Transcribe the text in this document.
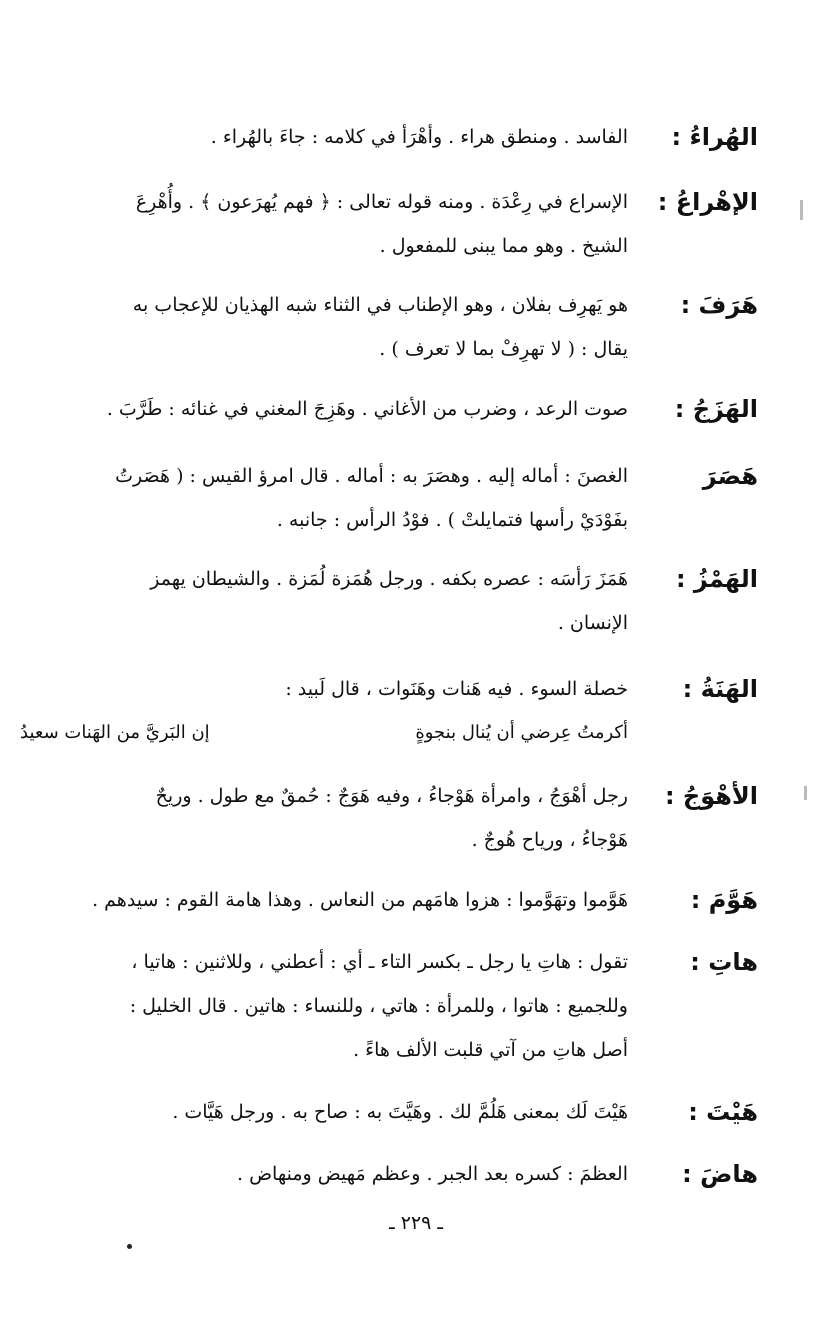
الهُراءُ :
الفاسد . ومنطق هراء . وأهْرَأ في كلامه : جاءَ بالهُراء .
الإهْراعُ :
الإسراع في رِعْدَة . ومنه قوله تعالى : ﴿ فهم يُهرَعون ﴾ . وأُهْرِعَ
الشيخ . وهو مما يبنى للمفعول .
هَرَفَ :
هو يَهرِف بفلان ، وهو الإطناب في الثناء شبه الهذيان للإعجاب به
يقال : ( لا تهرِفْ بما لا تعرف ) .
الهَزَجُ :
صوت الرعد ، وضرب من الأغاني . وهَزِجَ المغني في غنائه : طَرَّبَ .
هَصَرَ
الغصنَ : أماله إليه . وهصَرَ به : أماله . قال امرؤ القيس : ( هَصَرتُ
بفَوْدَيْ رأسها فتمايلتْ ) . فوْدُ الرأس : جانبه .
الهَمْزُ :
هَمَزَ رَأسَه : عصره بكفه . ورجل هُمَزة لُمَزة . والشيطان يهمز
الإنسان .
الهَنَةُ :
خصلة السوء . فيه هَنات وهَنَوات ، قال لَبيد :
أكرمتُ عِرضي أن يُنال بنجوةٍ
إن البَريَّ من الهَنات سعيدُ
الأهْوَجُ :
رجل أهْوَجُ ، وامرأة هَوْجاءُ ، وفيه هَوَجٌ : حُمقٌ مع طول . وريحٌ
هَوْجاءُ ، ورياح هُوجٌ .
هَوَّمَ :
هَوَّموا وتهَوَّموا : هزوا هامَهم من النعاس . وهذا هامة القوم : سيدهم .
هاتِ :
تقول : هاتِ يا رجل ـ بكسر التاء ـ أي : أعطني ، وللاثنين : هاتيا ،
وللجميع : هاتوا ، وللمرأة : هاتي ، وللنساء : هاتين . قال الخليل :
أصل هاتِ من آتي قلبت الألف هاءً .
هَيْتَ :
هَيْتَ لَك بمعنى هَلُمَّ لك . وهَيَّتَ به : صاح به . ورجل هَيَّات .
هاضَ :
العظمَ : كسره بعد الجبر . وعظم مَهيض ومنهاض .
ـ ٢٢٩ ـ
